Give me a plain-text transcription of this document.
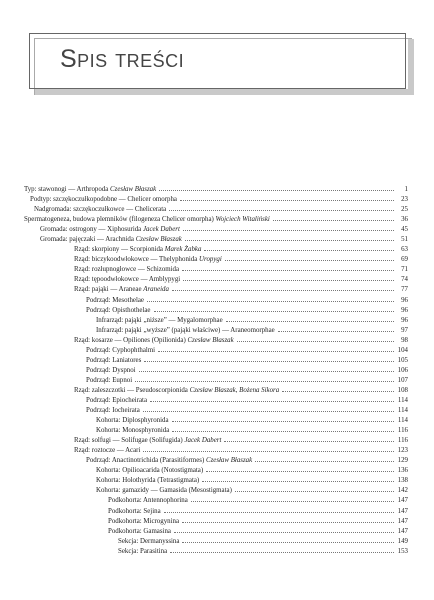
Spis treści
Typ: stawonogi — Arthropoda Czesław Błaszak	1
Podtyp: szczękoczułkopodobne — Chelicer omorpha	23
Nadgromada: szczękoczułkowce — Chelicerata	25
Spermatogeneza, budowa plemników (filogeneza Chelicer omorpha) Wojciech Witaliński	36
Gromada: ostrogony — Xiphosurida Jacek Dabert	45
Gromada: pajęczaki — Arachnida Czesław Błaszak	51
Rząd: skorpiony — Scorpionida Marek Żabka	63
Rząd: biczykoodwłokowce — Thelyphonida Uropygi	69
Rząd: rozłupnogłowce — Schizomida	71
Rząd: tępoodwłokowce — Amblypygi	74
Rząd: pająki — Araneae Araneida	77
Podrząd: Mesothelae	96
Podrząd: Opisthothelae	96
Infrarząd: pająki „niższe” — Mygalomorphae	96
Infrarząd: pająki „wyższe” (pająki właściwe) — Araneomorphae	97
Rząd: kosarze — Opiliones (Opilionida) Czesław Błaszak	98
Podrząd: Cyphophthalmi	104
Podrząd: Laniatores	105
Podrząd: Dyspnoi	106
Podrząd: Eupnoi	107
Rząd: zaleszczotki — Pseudoscorpionida Czesław Błaszak, Bożena Sikora	108
Podrząd: Epiocheirata	114
Podrząd: Iocheirata	114
Kohorta: Diplosphyronida	114
Kohorta: Monosphyronida	116
Rząd: solfugi — Solifugae (Solifugida) Jacek Dabert	116
Rząd: roztocze — Acari	123
Podrząd: Anactinotrichida (Parasitiformes) Czesław Błaszak	129
Kohorta: Opilioacarida (Notostigmata)	136
Kohorta: Holothyrida (Tetrastigmata)	138
Kohorta: gamazidy — Gamasida (Mesostigmata)	142
Podkohorta: Antennophorina	147
Podkohorta: Sejina	147
Podkohorta: Microgynina	147
Podkohorta: Gamasina	147
Sekcja: Dermanyssina	149
Sekcja: Parasitina	153
